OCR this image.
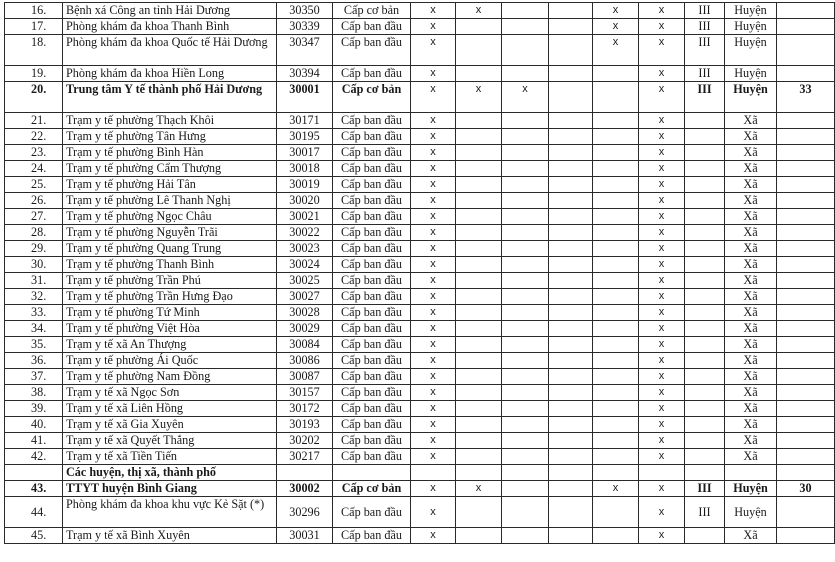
16.	Bệnh xá Công an tỉnh Hải Dương	30350	Cấp cơ bản	x	x			x	x	III	Huyện	
17.	Phòng khám đa khoa Thanh Bình	30339	Cấp ban đầu	x				x	x	III	Huyện	
18.	Phòng khám đa khoa Quốc tế Hải Dương	30347	Cấp ban đầu	x				x	x	III	Huyện	
19.	Phòng khám đa khoa Hiền Long	30394	Cấp ban đầu	x					x	III	Huyện	
20.	Trung tâm Y tế thành phố Hải Dương	30001	Cấp cơ bản	x	x	x			x	III	Huyện	33
21.	Trạm y tế phường Thạch Khôi	30171	Cấp ban đầu	x					x		Xã	
22.	Trạm y tế phường Tân Hưng	30195	Cấp ban đầu	x					x		Xã	
23.	Trạm y tế phường Bình Hàn	30017	Cấp ban đầu	x					x		Xã	
24.	Trạm y tế phường Cẩm Thượng	30018	Cấp ban đầu	x					x		Xã	
25.	Trạm y tế phường Hải Tân	30019	Cấp ban đầu	x					x		Xã	
26.	Trạm y tế phường Lê Thanh Nghị	30020	Cấp ban đầu	x					x		Xã	
27.	Trạm y tế phường Ngọc Châu	30021	Cấp ban đầu	x					x		Xã	
28.	Trạm y tế phường Nguyễn Trãi	30022	Cấp ban đầu	x					x		Xã	
29.	Trạm y tế phường Quang Trung	30023	Cấp ban đầu	x					x		Xã	
30.	Trạm y tế phường Thanh Bình	30024	Cấp ban đầu	x					x		Xã	
31.	Trạm y tế phường Trần Phú	30025	Cấp ban đầu	x					x		Xã	
32.	Trạm y tế phường Trần Hưng Đạo	30027	Cấp ban đầu	x					x		Xã	
33.	Trạm y tế phường Tứ Minh	30028	Cấp ban đầu	x					x		Xã	
34.	Trạm y tế phường Việt Hòa	30029	Cấp ban đầu	x					x		Xã	
35.	Trạm y tế xã An Thượng	30084	Cấp ban đầu	x					x		Xã	
36.	Trạm y tế phường Ái Quốc	30086	Cấp ban đầu	x					x		Xã	
37.	Trạm y tế phường Nam Đồng	30087	Cấp ban đầu	x					x		Xã	
38.	Trạm y tế xã Ngọc Sơn	30157	Cấp ban đầu	x					x		Xã	
39.	Trạm y tế xã Liên Hồng	30172	Cấp ban đầu	x					x		Xã	
40.	Trạm y tế xã Gia Xuyên	30193	Cấp ban đầu	x					x		Xã	
41.	Trạm y tế xã Quyết Thắng	30202	Cấp ban đầu	x					x		Xã	
42.	Trạm y tế xã Tiền Tiến	30217	Cấp ban đầu	x					x		Xã	
	Các huyện, thị xã, thành phố											
43.	TTYT huyện Bình Giang	30002	Cấp cơ bản	x	x			x	x	III	Huyện	30
44.	Phòng khám đa khoa khu vực Kẻ Sặt (*)	30296	Cấp ban đầu	x					x	III	Huyện	
45.	Trạm y tế xã Bình Xuyên	30031	Cấp ban đầu	x					x		Xã	
